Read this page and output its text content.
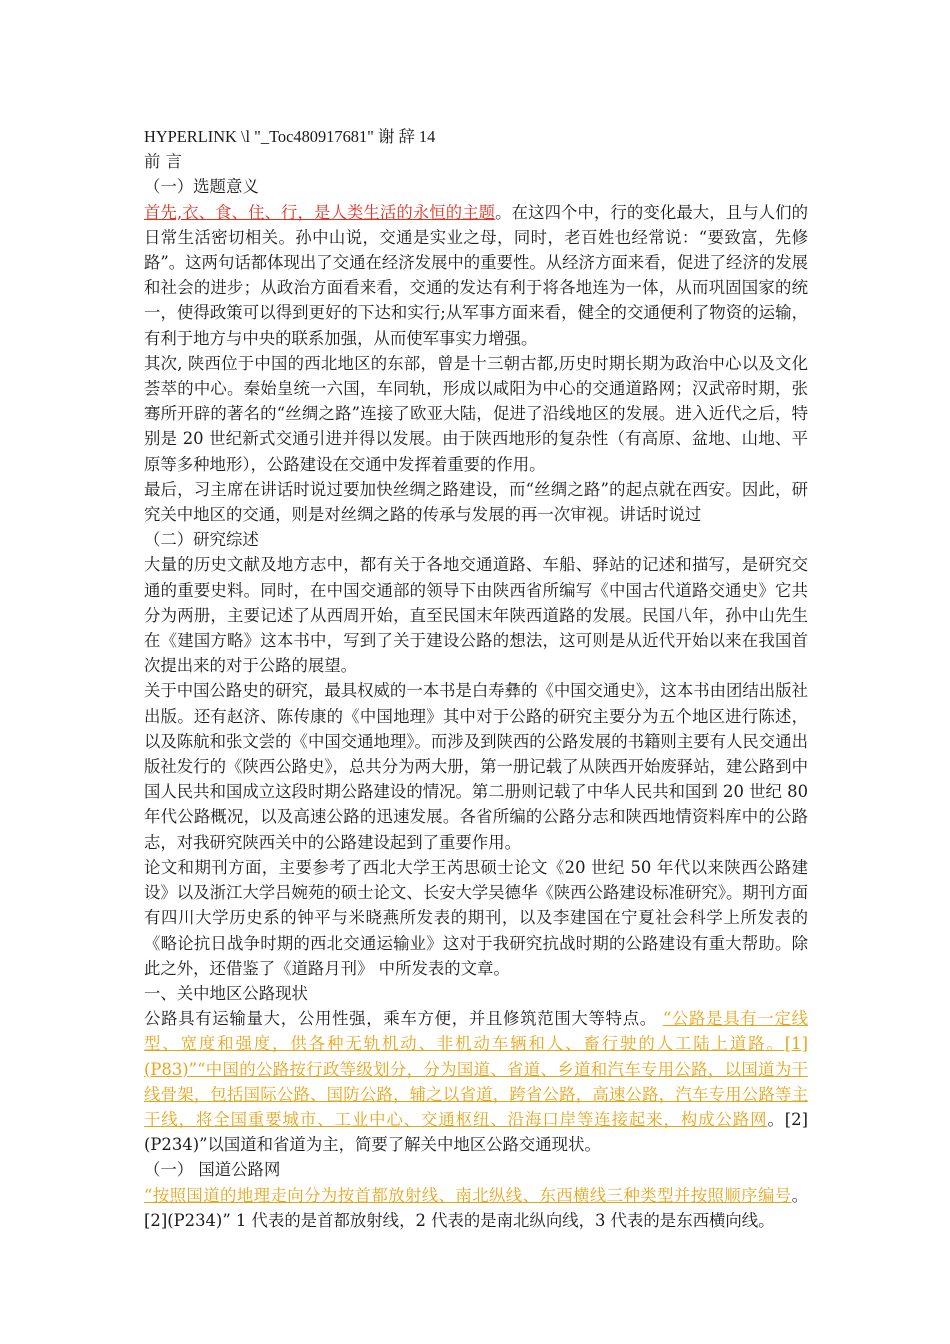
HYPERLINK \l "_Toc480917681" 谢 辞 14

前 言

（一）选题意义

首先,衣、食、住、行，是人类生活的永恒的主题。在这四个中，行的变化最大，且与人们的日常生活密切相关。孙中山说，交通是实业之母，同时，老百姓也经常说：“要致富，先修路”。这两句话都体现出了交通在经济发展中的重要性。从经济方面来看，促进了经济的发展和社会的进步；从政治方面看来看，交通的发达有利于将各地连为一体，从而巩固国家的统一，使得政策可以得到更好的下达和实行;从军事方面来看，健全的交通便利了物资的运输，有利于地方与中央的联系加强，从而使军事实力增强。

其次, 陕西位于中国的西北地区的东部，曾是十三朝古都,历史时期长期为政治中心以及文化荟萃的中心。秦始皇统一六国，车同轨，形成以咸阳为中心的交通道路网；汉武帝时期，张骞所开辟的著名的“丝绸之路”连接了欧亚大陆，促进了沿线地区的发展。进入近代之后，特别是 20 世纪新式交通引进并得以发展。由于陕西地形的复杂性（有高原、盆地、山地、平原等多种地形），公路建设在交通中发挥着重要的作用。

最后，习主席在讲话时说过要加快丝绸之路建设，而“丝绸之路”的起点就在西安。因此，研究关中地区的交通，则是对丝绸之路的传承与发展的再一次审视。讲话时说过

（二）研究综述

大量的历史文献及地方志中，都有关于各地交通道路、车船、驿站的记述和描写，是研究交通的重要史料。同时，在中国交通部的领导下由陕西省所编写《中国古代道路交通史》它共分为两册，主要记述了从西周开始，直至民国末年陕西道路的发展。民国八年，孙中山先生在《建国方略》这本书中，写到了关于建设公路的想法，这可则是从近代开始以来在我国首次提出来的对于公路的展望。

关于中国公路史的研究，最具权威的一本书是白寿彝的《中国交通史》，这本书由团结出版社出版。还有赵济、陈传康的《中国地理》其中对于公路的研究主要分为五个地区进行陈述，以及陈航和张文尝的《中国交通地理》。而涉及到陕西的公路发展的书籍则主要有人民交通出版社发行的《陕西公路史》，总共分为两大册，第一册记载了从陕西开始废驿站，建公路到中国人民共和国成立这段时期公路建设的情况。第二册则记载了中华人民共和国到 20 世纪 80 年代公路概况，以及高速公路的迅速发展。各省所编的公路分志和陕西地情资料库中的公路志，对我研究陕西关中的公路建设起到了重要作用。

论文和期刊方面，主要参考了西北大学王芮思硕士论文《20 世纪 50 年代以来陕西公路建设》以及浙江大学吕婉苑的硕士论文、长安大学吴德华《陕西公路建设标准研究》。期刊方面有四川大学历史系的钟平与米晓燕所发表的期刊，以及李建国在宁夏社会科学上所发表的《略论抗日战争时期的西北交通运输业》这对于我研究抗战时期的公路建设有重大帮助。除此之外，还借鉴了《道路月刊》 中所发表的文章。

一、关中地区公路现状

公路具有运输量大，公用性强，乘车方便，并且修筑范围大等特点。 “公路是具有一定线型、宽度和强度，供各种无轨机动、非机动车辆和人、畜行驶的人工陆上道路。[1](P83)”“中国的公路按行政等级划分，分为国道、省道、乡道和汽车专用公路，以国道为干线骨架，包括国际公路、国防公路，辅之以省道，跨省公路，高速公路，汽车专用公路等主干线，将全国重要城市、工业中心、交通枢纽、沿海口岸等连接起来，构成公路网。[2](P234)”以国道和省道为主，简要了解关中地区公路交通现状。

（一） 国道公路网

“按照国道的地理走向分为按首都放射线、南北纵线、东西横线三种类型并按照顺序编号。[2](P234)” 1 代表的是首都放射线，2 代表的是南北纵向线，3 代表的是东西横向线。
